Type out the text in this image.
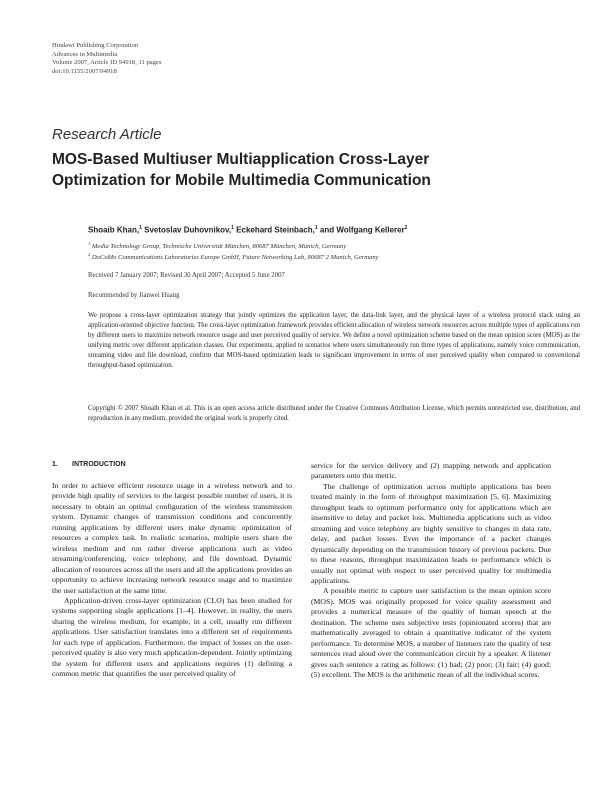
Hindawi Publishing Corporation
Advances in Multimedia
Volume 2007, Article ID 94918, 11 pages
doi:10.1155/2007/94918
Research Article
MOS-Based Multiuser Multiapplication Cross-Layer
Optimization for Mobile Multimedia Communication
Shoaib Khan,$^1$ Svetoslav Duhovnikov,$^1$ Eckehard Steinbach,$^1$ and Wolfgang Kellerer$^2$
$^1$ Media Technology Group, Technische Universität München, 80687 München, Munich, Germany
$^2$ DoCoMo Communications Laboratories Europe GmbH, Future Networking Lab, 80687 2 Munich, Germany
Received 7 January 2007; Revised 30 April 2007; Accepted 5 June 2007
Recommended by Jianwei Huang

We propose a cross-layer optimization strategy that jointly optimizes the application layer, the data-link layer, and the physical layer of a wireless protocol stack using an application-oriented objective function. The cross-layer optimization framework provides efficient allocation of wireless network resources across multiple types of applications run by different users to maximize network resource usage and user perceived quality of service. We define a novel optimization scheme based on the mean opinion score (MOS) as the unifying metric over different application classes. Our experiments, applied to scenarios where users simultaneously run three types of applications, namely voice communication, streaming video and file download, confirm that MOS-based optimization leads to significant improvement in terms of user perceived quality when compared to conventional throughput-based optimization.

Copyright © 2007 Shoaib Khan et al. This is an open access article distributed under the Creative Commons Attribution License, which permits unrestricted use, distribution, and reproduction in any medium, provided the original work is properly cited.

1. INTRODUCTION

In order to achieve efficient resource usage in a wireless network and to provide high quality of services to the largest possible number of users, it is necessary to obtain an optimal configuration of the wireless transmission system. Dynamic changes of transmission conditions and concurrently running applications by different users make dynamic optimization of resources a complex task. In realistic scenarios, multiple users share the wireless medium and run rather diverse applications such as video streaming/conferencing, voice telephony, and file download. Dynamic allocation of resources across all the users and all the applications provides an opportunity to achieve increasing network resource usage and to maximize the user satisfaction at the same time.

Application-driven cross-layer optimization (CLO) has been studied for systems supporting single applications [1–4]. However, in reality, the users sharing the wireless medium, for example, in a cell, usually run different applications. User satisfaction translates into a different set of requirements for each type of application. Furthermore, the impact of losses on the user-perceived quality is also very much application-dependent. Jointly optimizing the system for different users and applications requires (1) defining a common metric that quantifies the user perceived quality of

service for the service delivery and (2) mapping network and application parameters onto this metric.

The challenge of optimization across multiple applications has been treated mainly in the form of throughput maximization [5, 6]. Maximizing throughput leads to optimum performance only for applications which are insensitive to delay and packet loss. Multimedia applications such as video streaming and voice telephony are highly sensitive to changes in data rate, delay, and packet losses. Even the importance of a packet changes dynamically depending on the transmission history of previous packets. Due to these reasons, throughput maximization leads to performance which is usually not optimal with respect to user perceived quality for multimedia applications.

A possible metric to capture user satisfaction is the mean opinion score (MOS). MOS was originally proposed for voice quality assessment and provides a numerical measure of the quality of human speech at the destination. The scheme uses subjective tests (opinionated scores) that are mathematically averaged to obtain a quantitative indicator of the system performance. To determine MOS, a number of listeners rate the quality of test sentences read aloud over the communication circuit by a speaker. A listener gives each sentence a rating as follows: (1) bad; (2) poor; (3) fair; (4) good; (5) excellent. The MOS is the arithmetic mean of all the individual scores.
